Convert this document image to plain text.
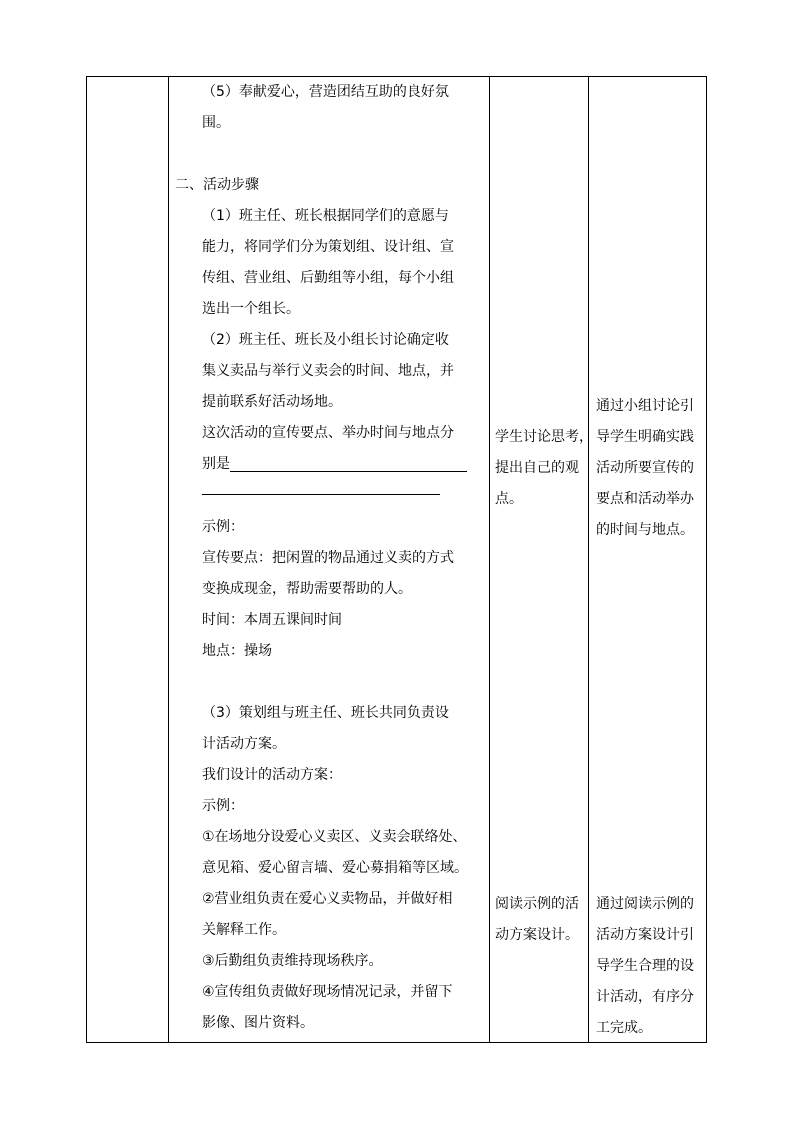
（5）奉献爱心，营造团结互助的良好氛
围。
二、活动步骤
（1）班主任、班长根据同学们的意愿与
能力，将同学们分为策划组、设计组、宣
传组、营业组、后勤组等小组，每个小组
选出一个组长。
（2）班主任、班长及小组长讨论确定收
集义卖品与举行义卖会的时间、地点，并
提前联系好活动场地。
这次活动的宣传要点、举办时间与地点分
别是
示例：
宣传要点：把闲置的物品通过义卖的方式
变换成现金，帮助需要帮助的人。
时间：本周五课间时间
地点：操场
（3）策划组与班主任、班长共同负责设
计活动方案。
我们设计的活动方案：
示例：
①在场地分设爱心义卖区、义卖会联络处、
意见箱、爱心留言墙、爱心募捐箱等区域。
②营业组负责在爱心义卖物品，并做好相
关解释工作。
③后勤组负责维持现场秩序。
④宣传组负责做好现场情况记录，并留下
影像、图片资料。
学生讨论思考，
提出自己的观
点。
阅读示例的活
动方案设计。
通过小组讨论引
导学生明确实践
活动所要宣传的
要点和活动举办
的时间与地点。
通过阅读示例的
活动方案设计引
导学生合理的设
计活动，有序分
工完成。
